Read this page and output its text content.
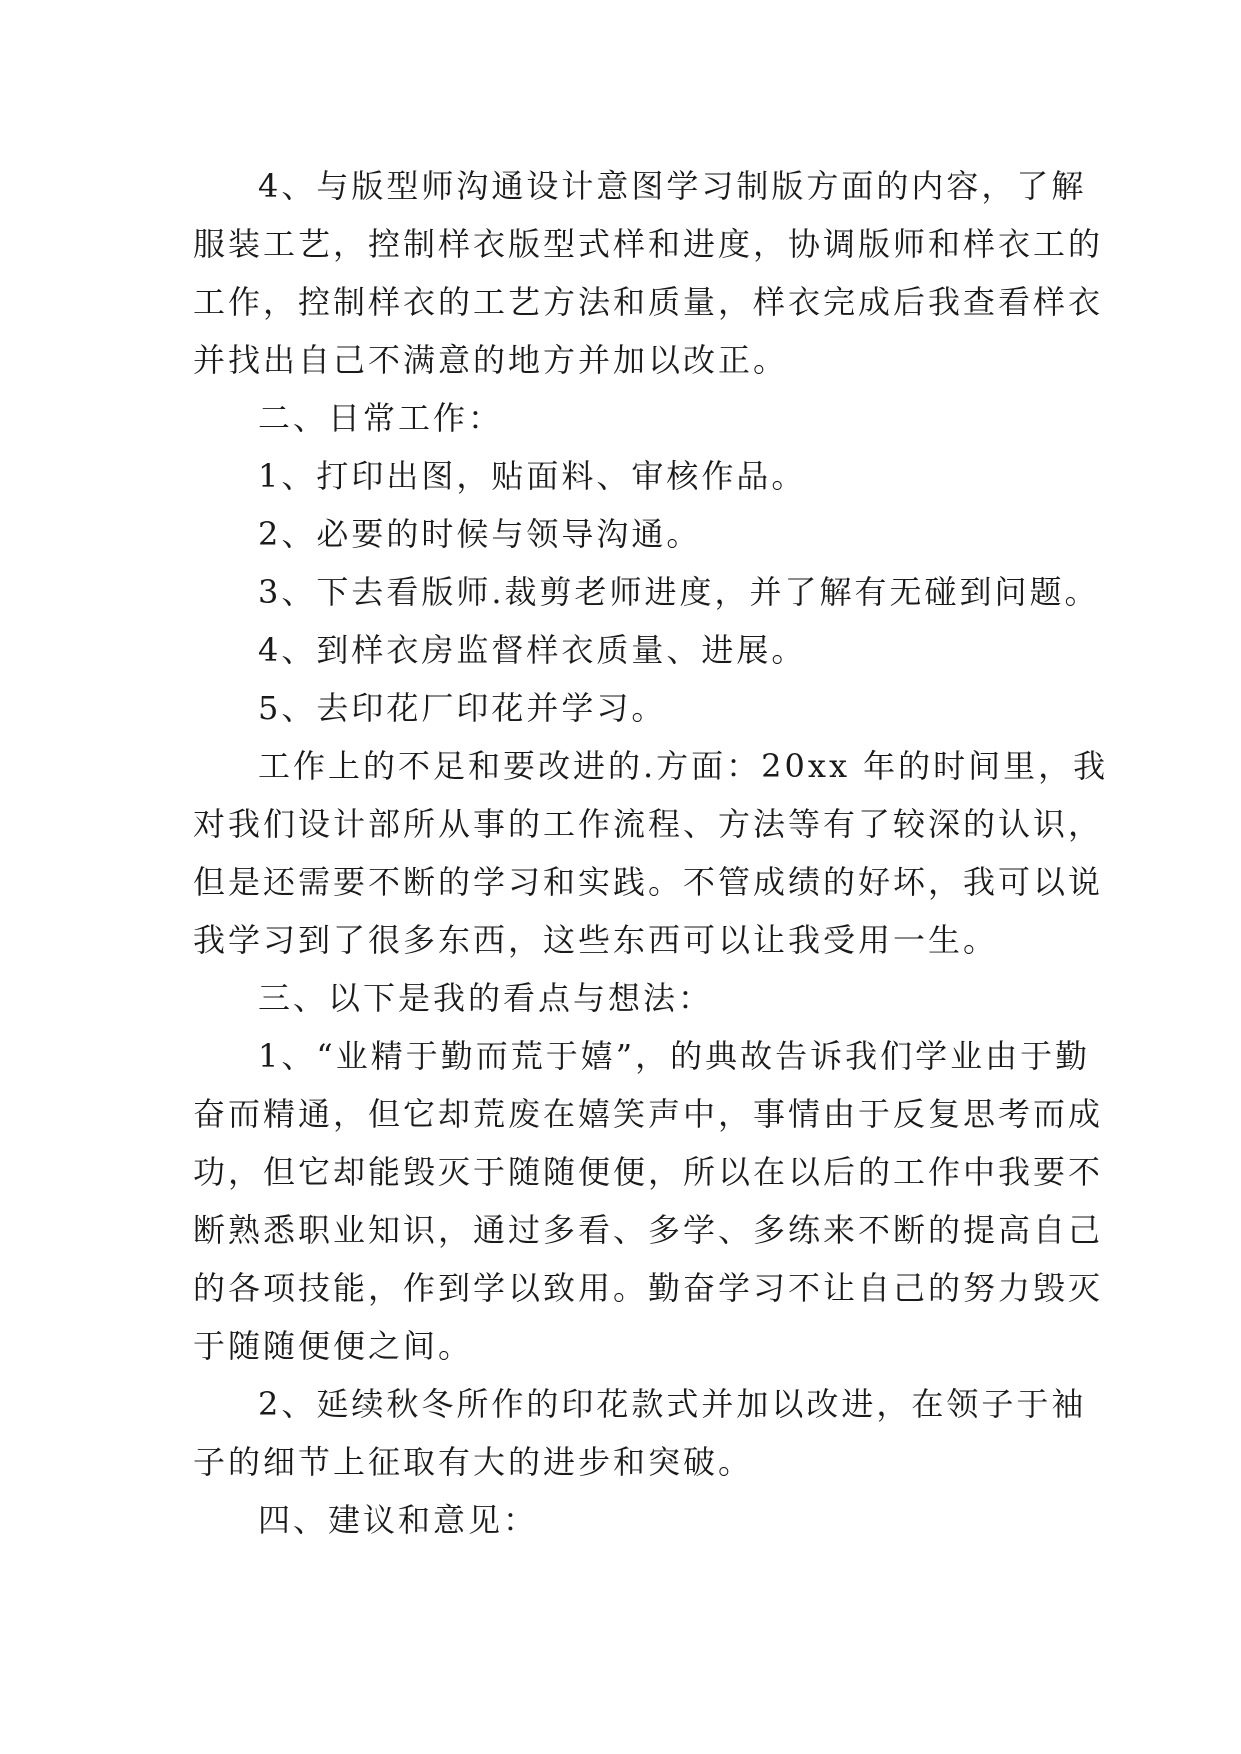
4、与版型师沟通设计意图学习制版方面的内容，了解

服装工艺，控制样衣版型式样和进度，协调版师和样衣工的

工作，控制样衣的工艺方法和质量，样衣完成后我查看样衣

并找出自己不满意的地方并加以改正。

二、日常工作：

1、打印出图，贴面料、审核作品。

2、必要的时候与领导沟通。

3、下去看版师.裁剪老师进度，并了解有无碰到问题。

4、到样衣房监督样衣质量、进展。

5、去印花厂印花并学习。

工作上的不足和要改进的.方面：20xx 年的时间里，我

对我们设计部所从事的工作流程、方法等有了较深的认识，

但是还需要不断的学习和实践。不管成绩的好坏，我可以说

我学习到了很多东西，这些东西可以让我受用一生。

三、以下是我的看点与想法：

1、“业精于勤而荒于嬉”，的典故告诉我们学业由于勤

奋而精通，但它却荒废在嬉笑声中，事情由于反复思考而成

功，但它却能毁灭于随随便便，所以在以后的工作中我要不

断熟悉职业知识，通过多看、多学、多练来不断的提高自己

的各项技能，作到学以致用。勤奋学习不让自己的努力毁灭

于随随便便之间。

2、延续秋冬所作的印花款式并加以改进，在领子于袖

子的细节上征取有大的进步和突破。

四、建议和意见：
